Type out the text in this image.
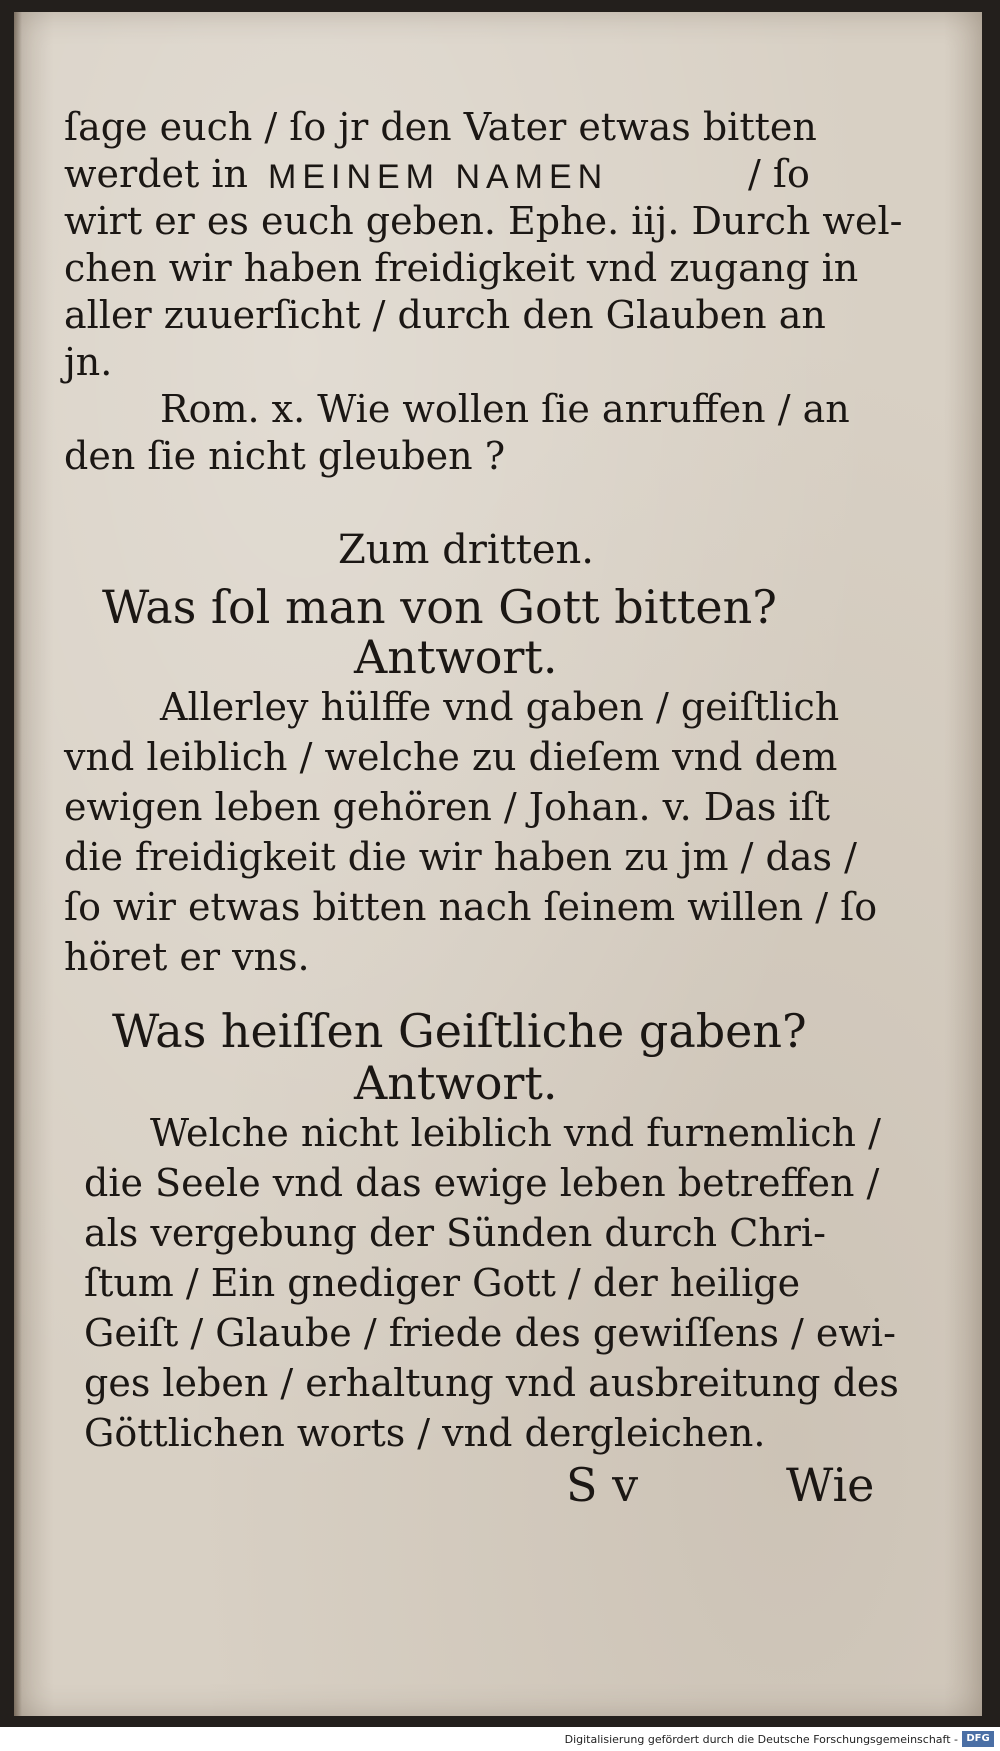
ſage euch / ſo jr den Vater etwas bitten
werdet in MEINEM NAMEN	/ ſo
wirt er es euch geben. Ephe. iij. Durch wel-
chen wir haben freidigkeit vnd zugang in
aller zuuerſicht / durch den Glauben an
jn.
Rom. x. Wie wollen ſie anruffen / an
den ſie nicht gleuben ?
Zum dritten.
Was ſol man von Gott bitten?
Antwort.
Allerley hülffe vnd gaben / geiſtlich
vnd leiblich / welche zu dieſem vnd dem
ewigen leben gehören / Johan. v. Das iſt
die freidigkeit die wir haben zu jm / das /
ſo wir etwas bitten nach ſeinem willen / ſo
höret er vns.
Was heiſſen Geiſtliche gaben?
Antwort.
Welche nicht leiblich vnd furnemlich /
die Seele vnd das ewige leben betreffen /
als vergebung der Sünden durch Chri-
ſtum / Ein gnediger Gott / der heilige
Geiſt / Glaube / friede des gewiſſens / ewi-
ges leben / erhaltung vnd ausbreitung des
Göttlichen worts / vnd dergleichen.
S v	Wie
Digitalisierung gefördert durch die Deutsche Forschungsgemeinschaft - DFG
